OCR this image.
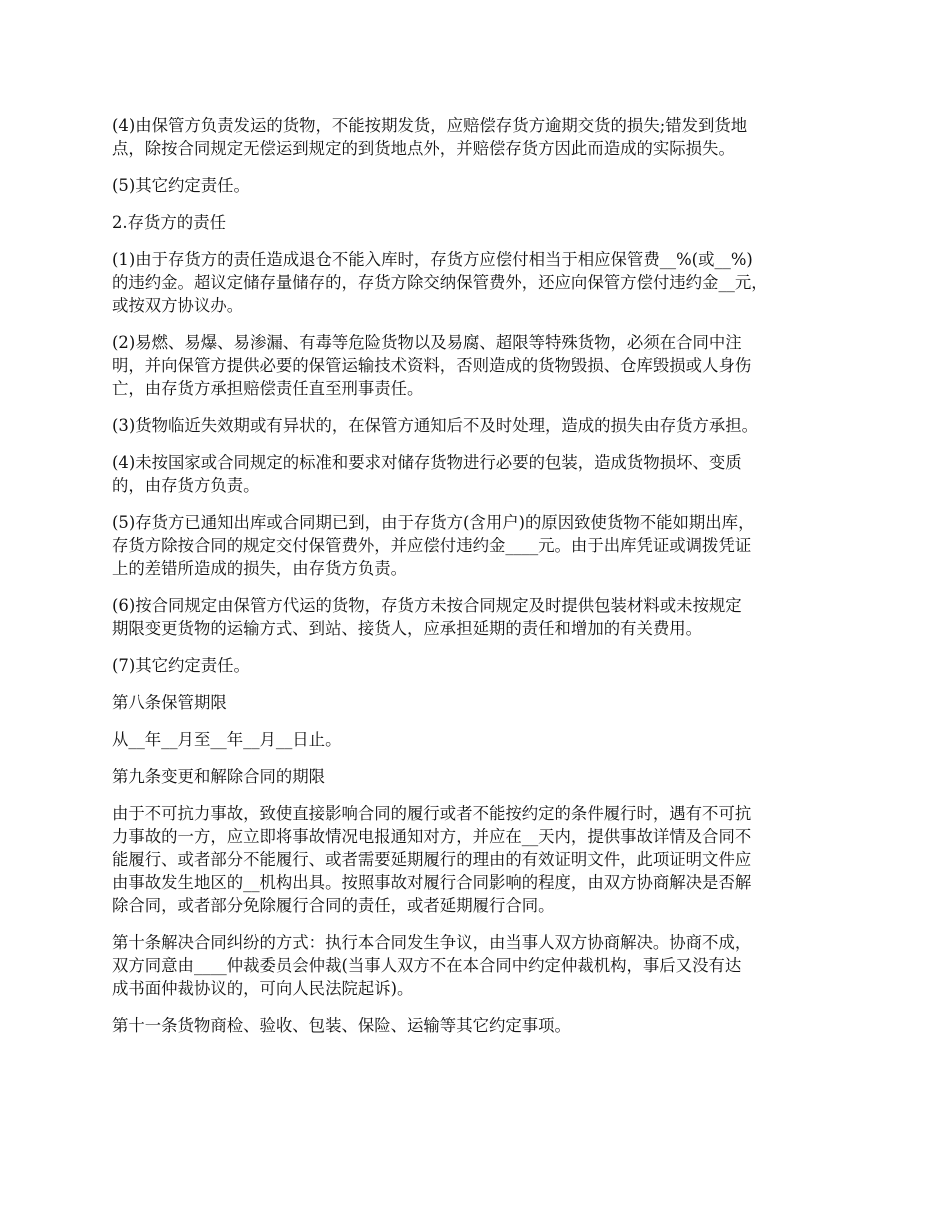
(4)由保管方负责发运的货物，不能按期发货，应赔偿存货方逾期交货的损失;错发到货地
点，除按合同规定无偿运到规定的到货地点外，并赔偿存货方因此而造成的实际损失。

(5)其它约定责任。

2.存货方的责任

(1)由于存货方的责任造成退仓不能入库时，存货方应偿付相当于相应保管费__%(或__%)
的违约金。超议定储存量储存的，存货方除交纳保管费外，还应向保管方偿付违约金__元，
或按双方协议办。

(2)易燃、易爆、易渗漏、有毒等危险货物以及易腐、超限等特殊货物，必须在合同中注
明，并向保管方提供必要的保管运输技术资料，否则造成的货物毁损、仓库毁损或人身伤
亡，由存货方承担赔偿责任直至刑事责任。

(3)货物临近失效期或有异状的，在保管方通知后不及时处理，造成的损失由存货方承担。

(4)未按国家或合同规定的标准和要求对储存货物进行必要的包装，造成货物损坏、变质
的，由存货方负责。

(5)存货方已通知出库或合同期已到，由于存货方(含用户)的原因致使货物不能如期出库，
存货方除按合同的规定交付保管费外，并应偿付违约金____元。由于出库凭证或调拨凭证
上的差错所造成的损失，由存货方负责。

(6)按合同规定由保管方代运的货物，存货方未按合同规定及时提供包装材料或未按规定
期限变更货物的运输方式、到站、接货人，应承担延期的责任和增加的有关费用。

(7)其它约定责任。

第八条保管期限

从__年__月至__年__月__日止。

第九条变更和解除合同的期限

由于不可抗力事故，致使直接影响合同的履行或者不能按约定的条件履行时，遇有不可抗
力事故的一方，应立即将事故情况电报通知对方，并应在__天内，提供事故详情及合同不
能履行、或者部分不能履行、或者需要延期履行的理由的有效证明文件，此项证明文件应
由事故发生地区的__机构出具。按照事故对履行合同影响的程度，由双方协商解决是否解
除合同，或者部分免除履行合同的责任，或者延期履行合同。

第十条解决合同纠纷的方式：执行本合同发生争议，由当事人双方协商解决。协商不成，
双方同意由____仲裁委员会仲裁(当事人双方不在本合同中约定仲裁机构，事后又没有达
成书面仲裁协议的，可向人民法院起诉)。

第十一条货物商检、验收、包装、保险、运输等其它约定事项。
